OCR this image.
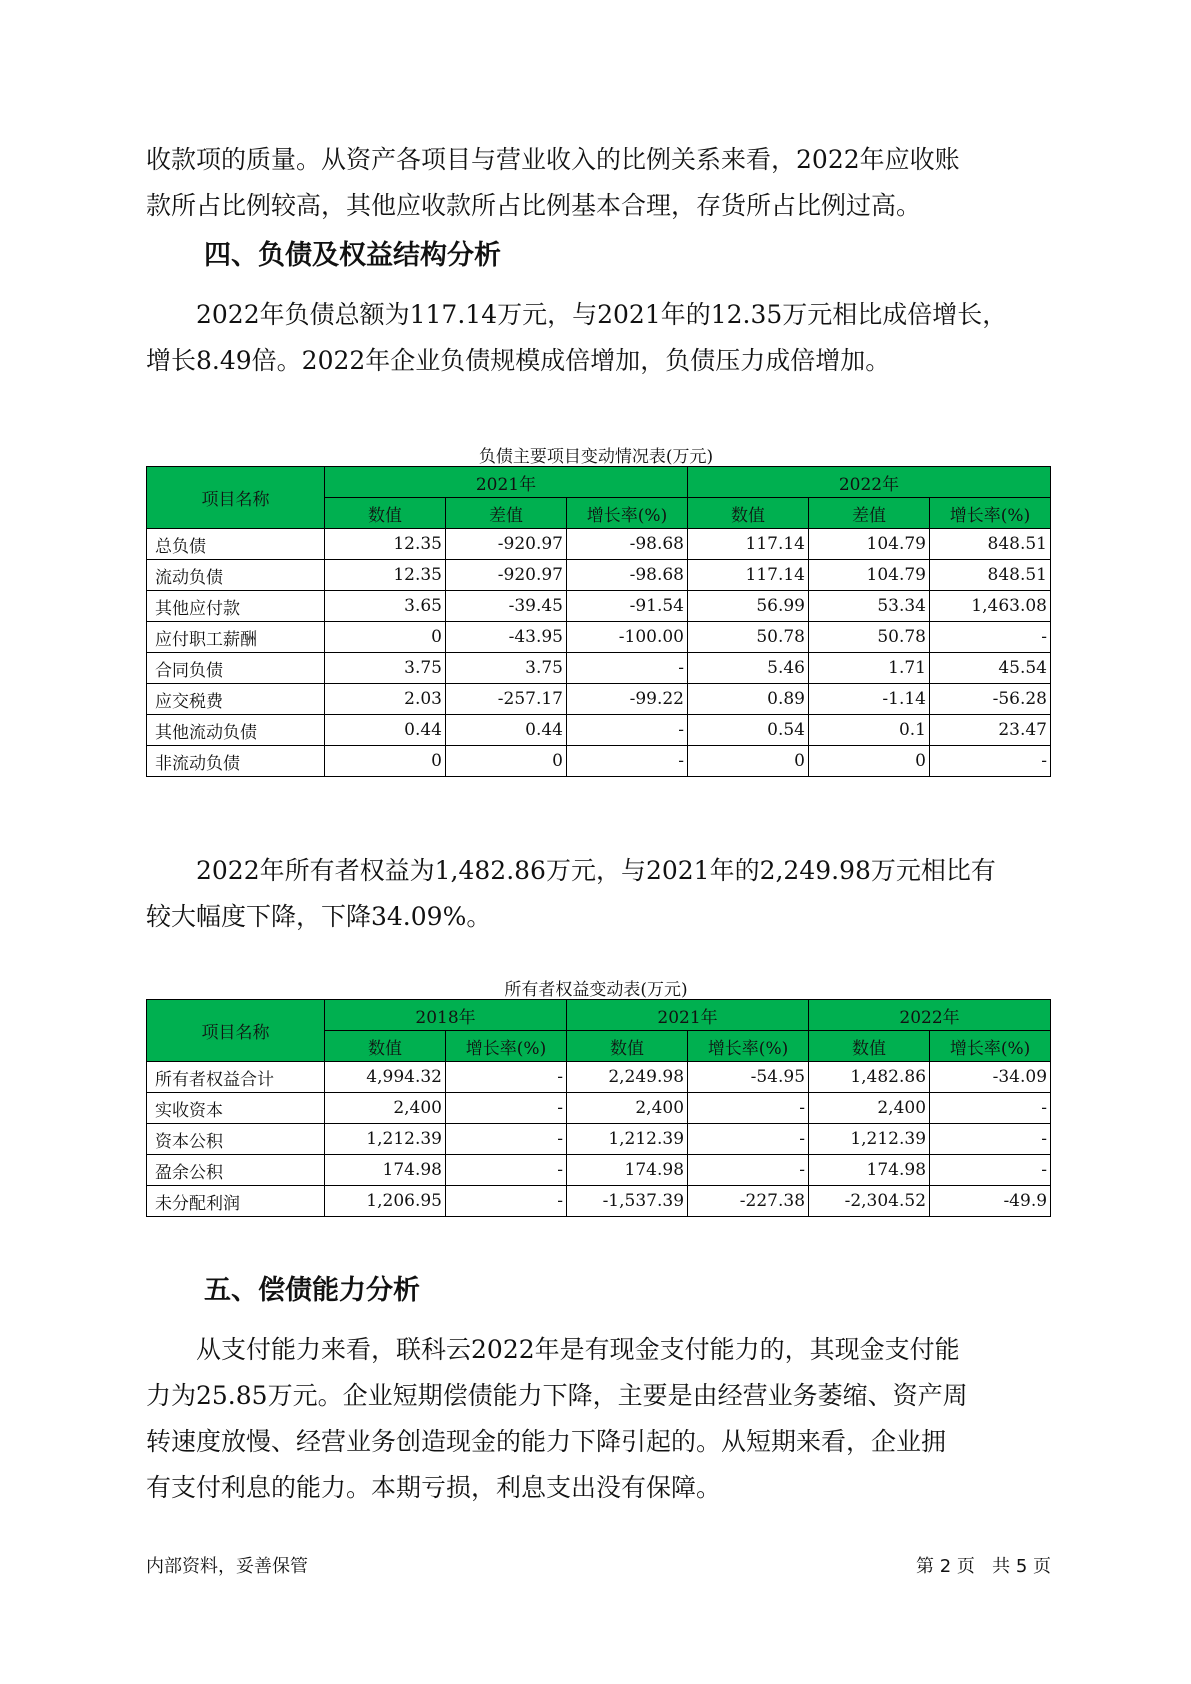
收款项的质量。从资产各项目与营业收入的比例关系来看，2022年应收账
款所占比例较高，其他应收款所占比例基本合理，存货所占比例过高。

四、负债及权益结构分析

2022年负债总额为117.14万元，与2021年的12.35万元相比成倍增长，
增长8.49倍。2022年企业负债规模成倍增加，负债压力成倍增加。

负债主要项目变动情况表(万元)
项目名称	2021年			2022年		
	数值	差值	增长率(%)	数值	差值	增长率(%)
总负债	12.35	-920.97	-98.68	117.14	104.79	848.51
流动负债	12.35	-920.97	-98.68	117.14	104.79	848.51
其他应付款	3.65	-39.45	-91.54	56.99	53.34	1,463.08
应付职工薪酬	0	-43.95	-100.00	50.78	50.78	-
合同负债	3.75	3.75	-	5.46	1.71	45.54
应交税费	2.03	-257.17	-99.22	0.89	-1.14	-56.28
其他流动负债	0.44	0.44	-	0.54	0.1	23.47
非流动负债	0	0	-	0	0	-

2022年所有者权益为1,482.86万元，与2021年的2,249.98万元相比有
较大幅度下降，下降34.09%。

所有者权益变动表(万元)
项目名称	2018年		2021年		2022年	
	数值	增长率(%)	数值	增长率(%)	数值	增长率(%)
所有者权益合计	4,994.32	-	2,249.98	-54.95	1,482.86	-34.09
实收资本	2,400	-	2,400	-	2,400	-
资本公积	1,212.39	-	1,212.39	-	1,212.39	-
盈余公积	174.98	-	174.98	-	174.98	-
未分配利润	1,206.95	-	-1,537.39	-227.38	-2,304.52	-49.9
五、偿债能力分析

从支付能力来看，联科云2022年是有现金支付能力的，其现金支付能
力为25.85万元。企业短期偿债能力下降，主要是由经营业务萎缩、资产周
转速度放慢、经营业务创造现金的能力下降引起的。从短期来看，企业拥
有支付利息的能力。本期亏损，利息支出没有保障。

内部资料，妥善保管	第 2 页   共 5 页
